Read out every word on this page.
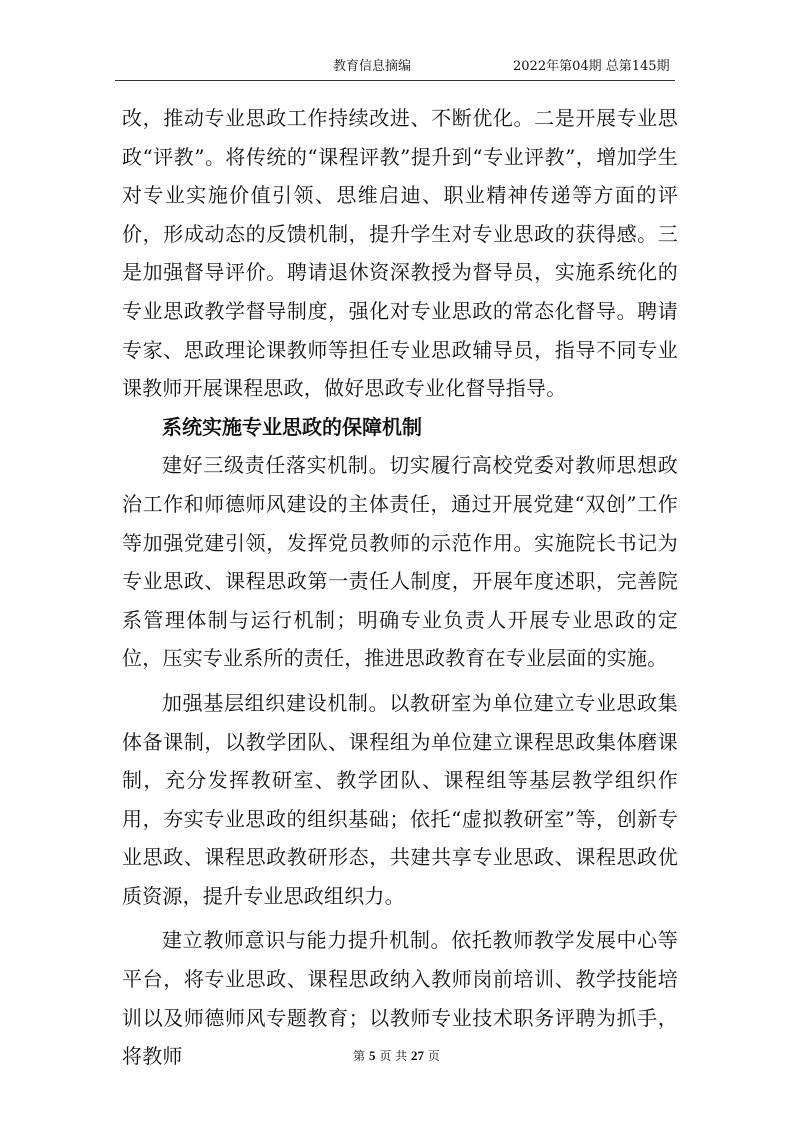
教育信息摘编	2022年第04期 总第145期

改，推动专业思政工作持续改进、不断优化。二是开展专业思政“评教”。将传统的“课程评教”提升到“专业评教”，增加学生对专业实施价值引领、思维启迪、职业精神传递等方面的评价，形成动态的反馈机制，提升学生对专业思政的获得感。三是加强督导评价。聘请退休资深教授为督导员，实施系统化的专业思政教学督导制度，强化对专业思政的常态化督导。聘请专家、思政理论课教师等担任专业思政辅导员，指导不同专业课教师开展课程思政，做好思政专业化督导指导。

系统实施专业思政的保障机制

建好三级责任落实机制。切实履行高校党委对教师思想政治工作和师德师风建设的主体责任，通过开展党建“双创”工作等加强党建引领，发挥党员教师的示范作用。实施院长书记为专业思政、课程思政第一责任人制度，开展年度述职，完善院系管理体制与运行机制；明确专业负责人开展专业思政的定位，压实专业系所的责任，推进思政教育在专业层面的实施。

加强基层组织建设机制。以教研室为单位建立专业思政集体备课制，以教学团队、课程组为单位建立课程思政集体磨课制，充分发挥教研室、教学团队、课程组等基层教学组织作用，夯实专业思政的组织基础；依托“虚拟教研室”等，创新专业思政、课程思政教研形态，共建共享专业思政、课程思政优质资源，提升专业思政组织力。

建立教师意识与能力提升机制。依托教师教学发展中心等平台，将专业思政、课程思政纳入教师岗前培训、教学技能培训以及师德师风专题教育；以教师专业技术职务评聘为抓手，将教师	第 5 页 共 27 页
